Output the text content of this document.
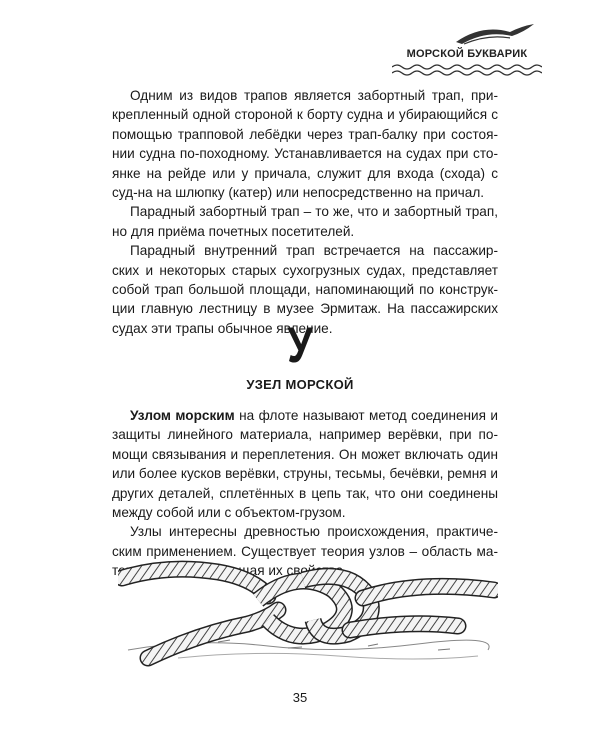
МОРСКОЙ БУКВАРИК

Одним из видов трапов является забортный трап, при-крепленный одной стороной к борту судна и убирающийся с помощью трапповой лебёдки через трап-балку при состоя-нии судна по-походному. Устанавливается на судах при сто-янке на рейде или у причала, служит для входа (схода) с суд-на на шлюпку (катер) или непосредственно на причал.

Парадный забортный трап – то же, что и забортный трап, но для приёма почетных посетителей.

Парадный внутренний трап встречается на пассажир-ских и некоторых старых сухогрузных судах, представляет собой трап большой площади, напоминающий по конструк-ции главную лестницу в музее Эрмитаж. На пассажирских судах эти трапы обычное явление.

У
УЗЕЛ МОРСКОЙ

Узлом морским на флоте называют метод соединения и защиты линейного материала, например верёвки, при по-мощи связывания и переплетения. Он может включать один или более кусков верёвки, струны, тесьмы, бечёвки, ремня и других деталей, сплетённых в цепь так, что они соединены между собой или с объектом-грузом.

Узлы интересны древностью происхождения, практиче-ским применением. Существует теория узлов – область ма-тематики, исследующая их свойства.

35
